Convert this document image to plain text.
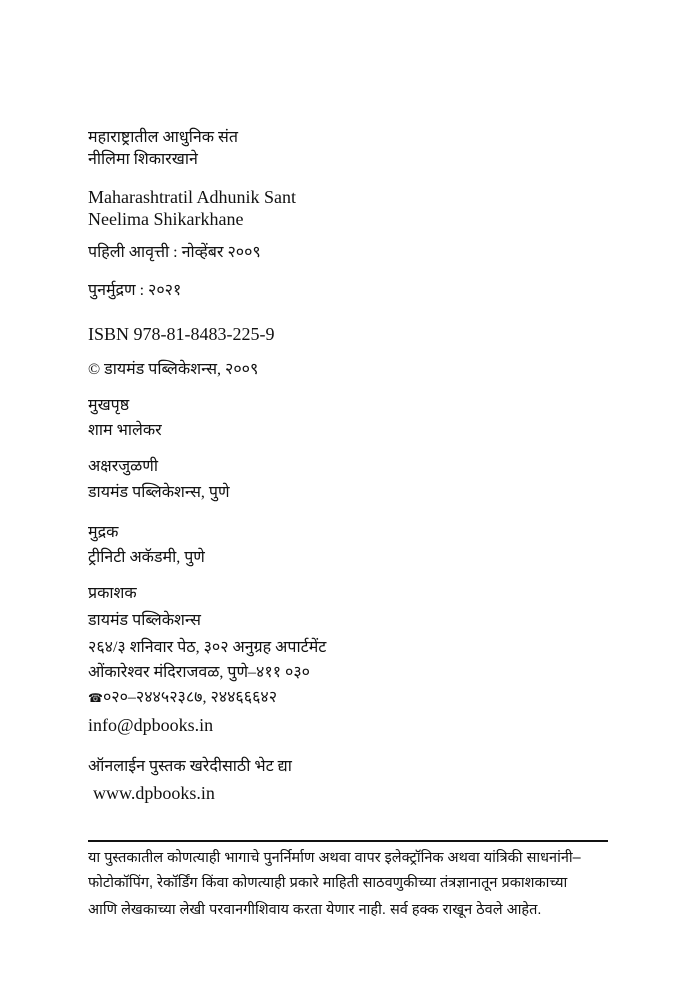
महाराष्ट्रातील आधुनिक संत
नीलिमा शिकारखाने
Maharashtratil Adhunik Sant
Neelima Shikarkhane
पहिली आवृत्ती : नोव्हेंबर २००९
पुनर्मुद्रण : २०२१
ISBN 978-81-8483-225-9
© डायमंड पब्लिकेशन्स, २००९
मुखपृष्ठ
शाम भालेकर
अक्षरजुळणी
डायमंड पब्लिकेशन्स, पुणे
मुद्रक
ट्रीनिटी अकॅडमी, पुणे
प्रकाशक
डायमंड पब्लिकेशन्स
२६४/३ शनिवार पेठ, ३०२ अनुग्रह अपार्टमेंट
ओंकारेश्वर मंदिराजवळ, पुणे–४११ ०३०
☎०२०–२४४५२३८७, २४४६६६४२
info@dpbooks.in
ऑनलाईन पुस्तक खरेदीसाठी भेट द्या
www.dpbooks.in
या पुस्तकातील कोणत्याही भागाचे पुनर्निर्माण अथवा वापर इलेक्ट्रॉनिक अथवा यांत्रिकी साधनांनी–
फोटोकॉपिंग, रेकॉर्डिंग किंवा कोणत्याही प्रकारे माहिती साठवणुकीच्या तंत्रज्ञानातून प्रकाशकाच्या
आणि लेखकाच्या लेखी परवानगीशिवाय करता येणार नाही. सर्व हक्क राखून ठेवले आहेत.
